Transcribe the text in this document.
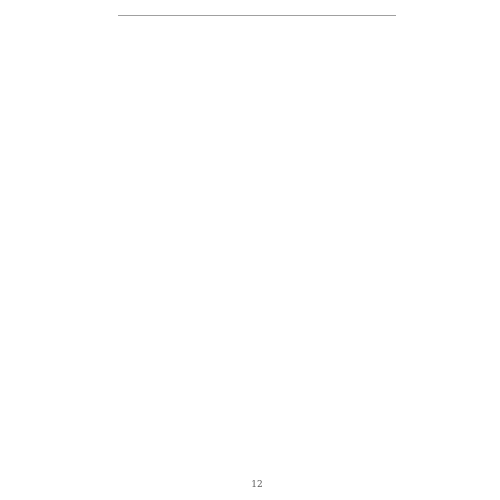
12
